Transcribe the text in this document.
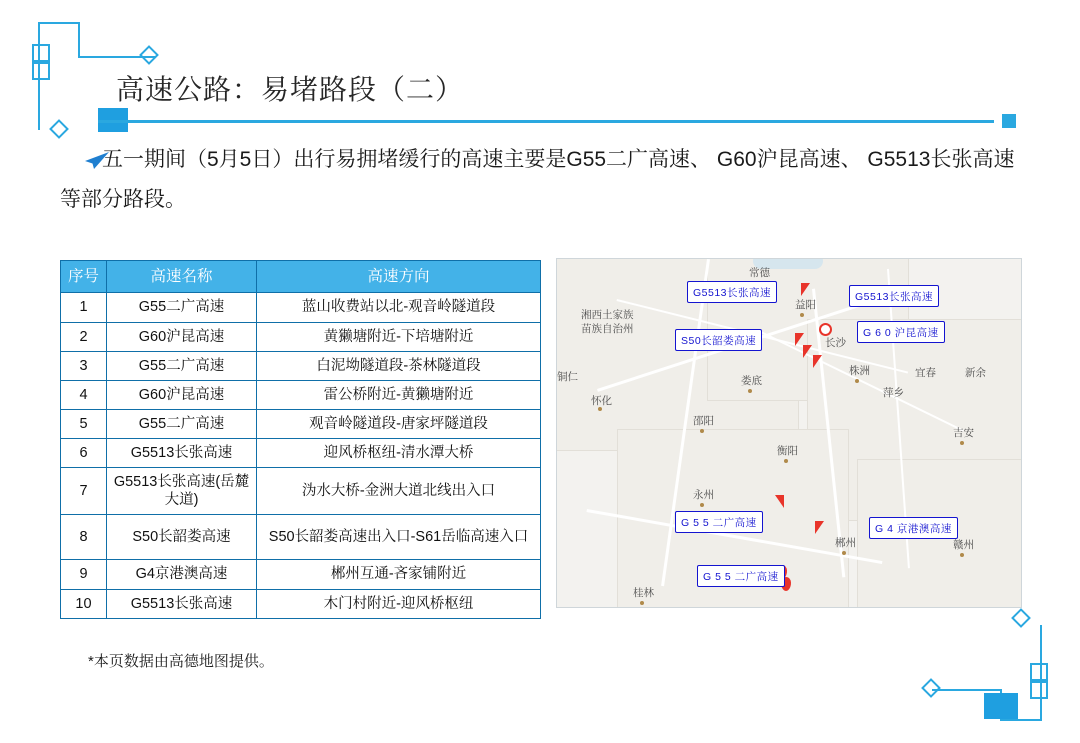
高速公路：易堵路段（二）
五一期间（5月5日）出行易拥堵缓行的高速主要是G55二广高速、 G60沪昆高速、 G5513长张高速等部分路段。
序号	高速名称	高速方向
1	G55二广高速	蓝山收费站以北-观音岭隧道段
2	G60沪昆高速	黄獭塘附近-下培塘附近
3	G55二广高速	白泥坳隧道段-茶林隧道段
4	G60沪昆高速	雷公桥附近-黄獭塘附近
5	G55二广高速	观音岭隧道段-唐家坪隧道段
6	G5513长张高速	迎风桥枢纽-清水潭大桥
7	G5513长张高速(岳麓大道)	沩水大桥-金洲大道北线出入口
8	S50长韶娄高速	S50长韶娄高速出入口-S61岳临高速入口
9	G4京港澳高速	郴州互通-吝家铺附近
10	G5513长张高速	木门村附近-迎风桥枢纽
常德
益阳
长沙
湘西土家族
苗族自治州
铜仁
怀化
娄底
株洲	宜春	新余
萍乡
邵阳
衡阳
吉安
永州
郴州	赣州
桂林
G5513长张高速	G5513长张高速
S50长韶娄高速
G 6 0 沪昆高速
G 5 5 二广高速	G 4 京港澳高速
G 5 5 二广高速
*本页数据由高德地图提供。
